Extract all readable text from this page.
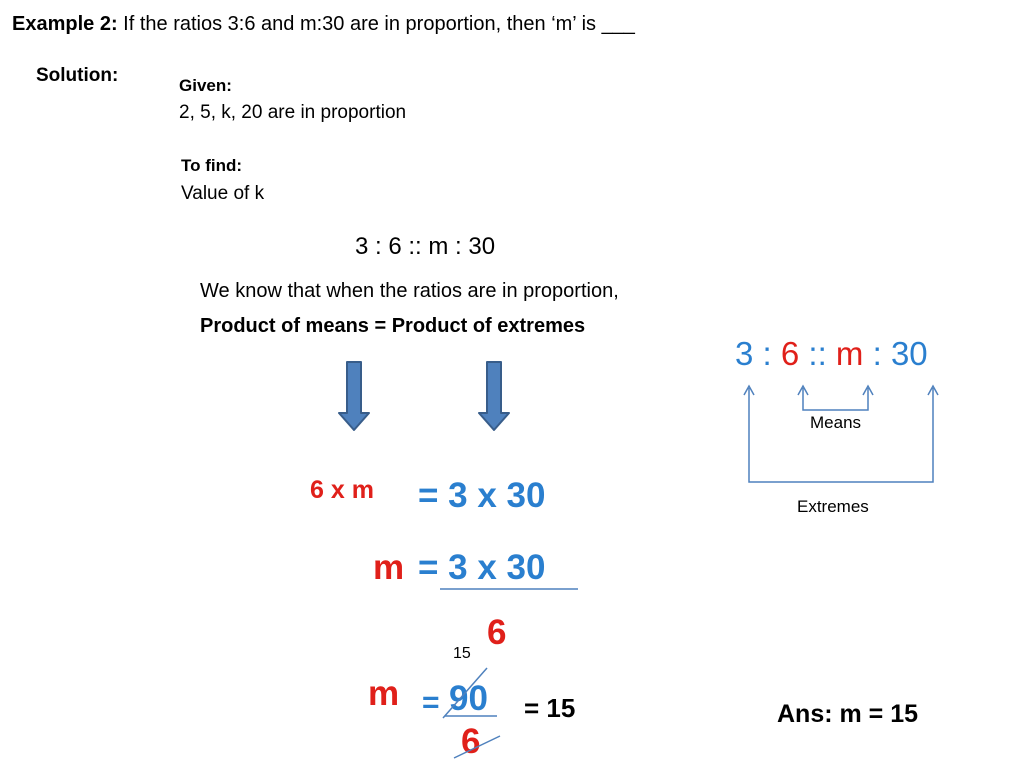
Example 2: If the ratios 3:6 and m:30 are in proportion, then ‘m’ is ___
Solution:	Given:
2, 5, k, 20 are in proportion
To find:
Value of k
3 : 6 :: m : 30
We know that when the ratios are in proportion,
Product of means = Product of extremes
3 : 6 :: m : 30
Means
Extremes
6 x m = 3 x 30
m = 3 x 30
6
15
m = 90
6
= 15	Ans: m = 15
